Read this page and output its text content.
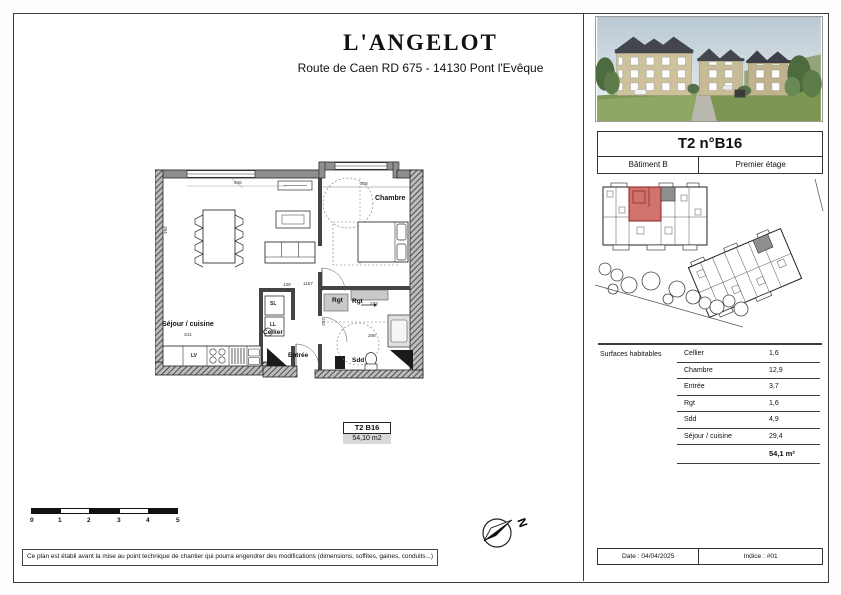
L'ANGELOT
Route de Caen RD 675 - 14130 Pont l'Evêque
Chambre
Séjour / cuisine
Cellier
Entrée
Rgt Rgt
Sdd
SL
LL
LV
T2 B16
54,10 m2
546	308
284
139	1157
223
232
288
341
0	1	2	3	4	5	N
Ce plan est établi avant la mise au point technique de chantier qui pourra engendrer des modifications (dimensions, soffites, gaines, conduits...)
T2 n°B16
Bâtiment B	Premier étage
Surfaces habitables	Cellier	1,6
Chambre	12,9
Entrée	3,7
Rgt	1,6
Sdd	4,9
Séjour / cuisine	29,4
54,1 m²
Date : 04/04/2025	Indice : #01
